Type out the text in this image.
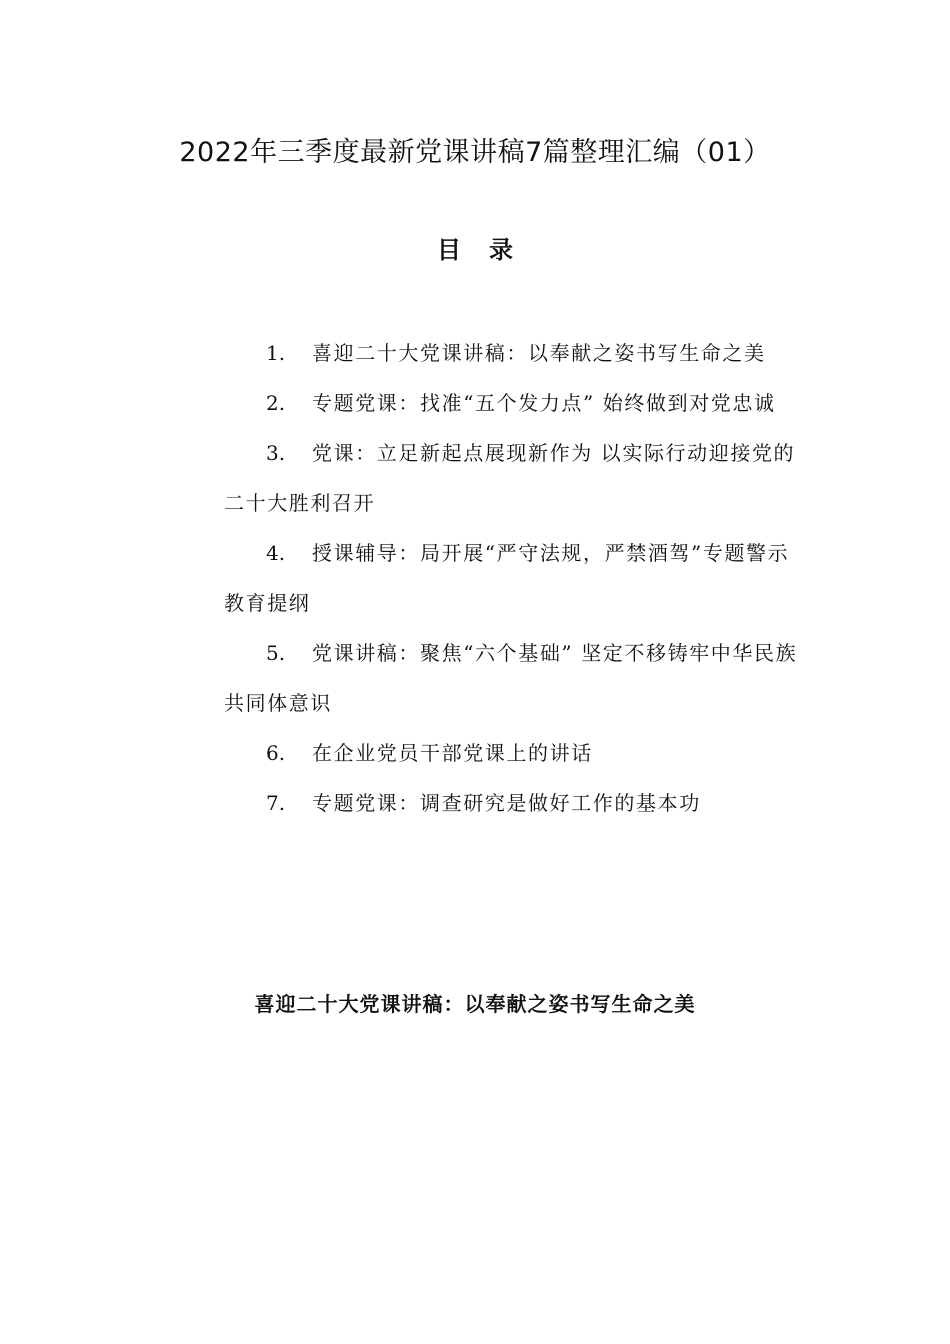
2022年三季度最新党课讲稿7篇整理汇编（01）
目录
1. 喜迎二十大党课讲稿：以奉献之姿书写生命之美
2. 专题党课：找准“五个发力点” 始终做到对党忠诚
3. 党课：立足新起点展现新作为 以实际行动迎接党的二十大胜利召开
4. 授课辅导：局开展“严守法规，严禁酒驾”专题警示教育提纲
5. 党课讲稿：聚焦“六个基础” 坚定不移铸牢中华民族共同体意识
6. 在企业党员干部党课上的讲话
7. 专题党课：调查研究是做好工作的基本功
喜迎二十大党课讲稿：以奉献之姿书写生命之美
